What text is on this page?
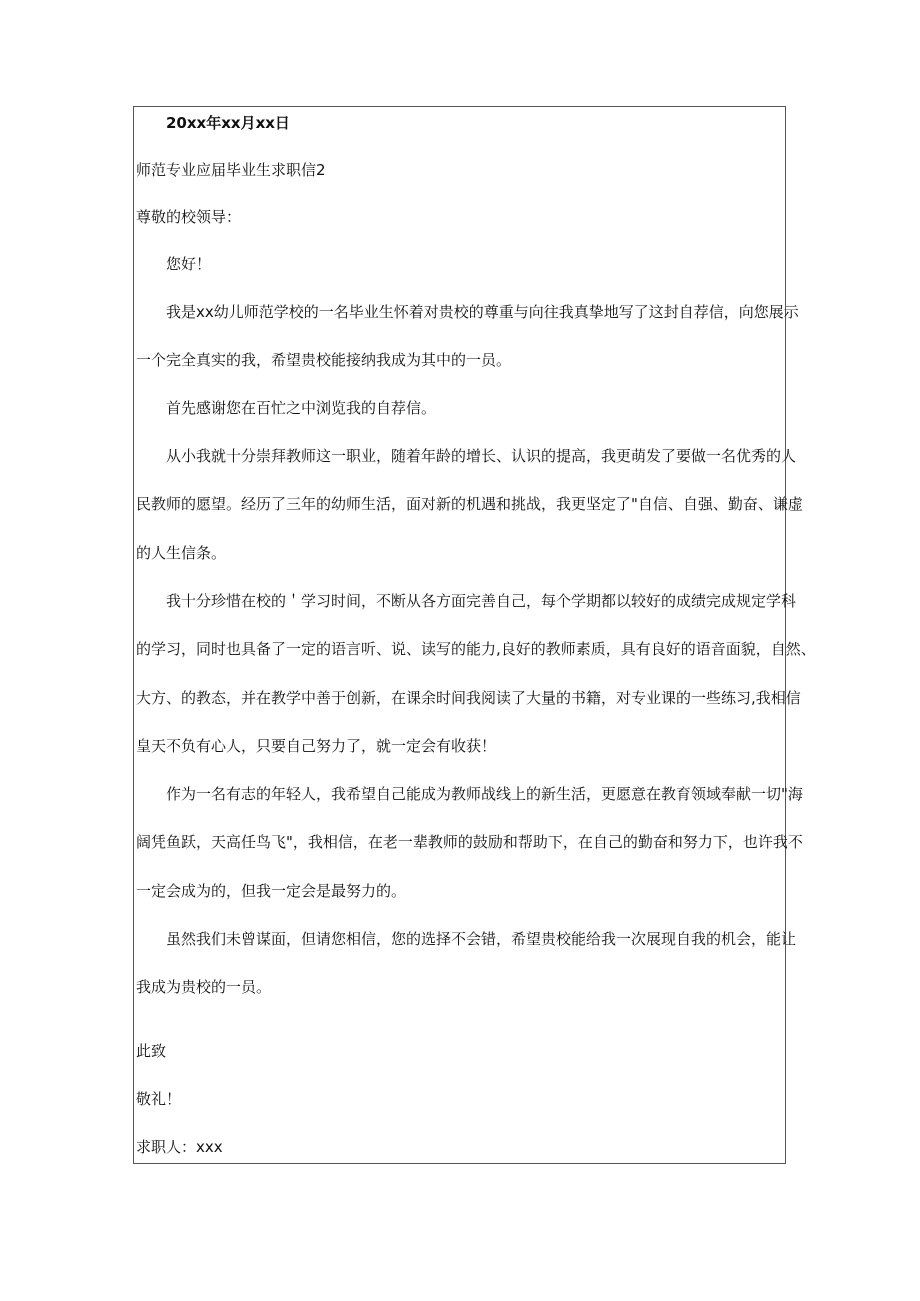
20xx年xx月xx日
师范专业应届毕业生求职信2
尊敬的校领导：
您好！
我是xx幼儿师范学校的一名毕业生怀着对贵校的尊重与向往我真挚地写了这封自荐信，向您展示
一个完全真实的我，希望贵校能接纳我成为其中的一员。
首先感谢您在百忙之中浏览我的自荐信。
从小我就十分崇拜教师这一职业，随着年龄的增长、认识的提高，我更萌发了要做一名优秀的人
民教师的愿望。经历了三年的幼师生活，面对新的机遇和挑战，我更坚定了"自信、自强、勤奋、谦虚
的人生信条。
我十分珍惜在校的＇学习时间，不断从各方面完善自己，每个学期都以较好的成绩完成规定学科
的学习，同时也具备了一定的语言听、说、读写的能力,良好的教师素质，具有良好的语音面貌，自然、
大方、的教态，并在教学中善于创新，在课余时间我阅读了大量的书籍，对专业课的一些练习,我相信
皇天不负有心人，只要自己努力了，就一定会有收获！
作为一名有志的年轻人，我希望自己能成为教师战线上的新生活，更愿意在教育领域奉献一切"海
阔凭鱼跃，天高任鸟飞"，我相信，在老一辈教师的鼓励和帮助下，在自己的勤奋和努力下，也许我不
一定会成为的，但我一定会是最努力的。
虽然我们未曾谋面，但请您相信，您的选择不会错，希望贵校能给我一次展现自我的机会，能让
我成为贵校的一员。
此致
敬礼！
求职人：xxx
